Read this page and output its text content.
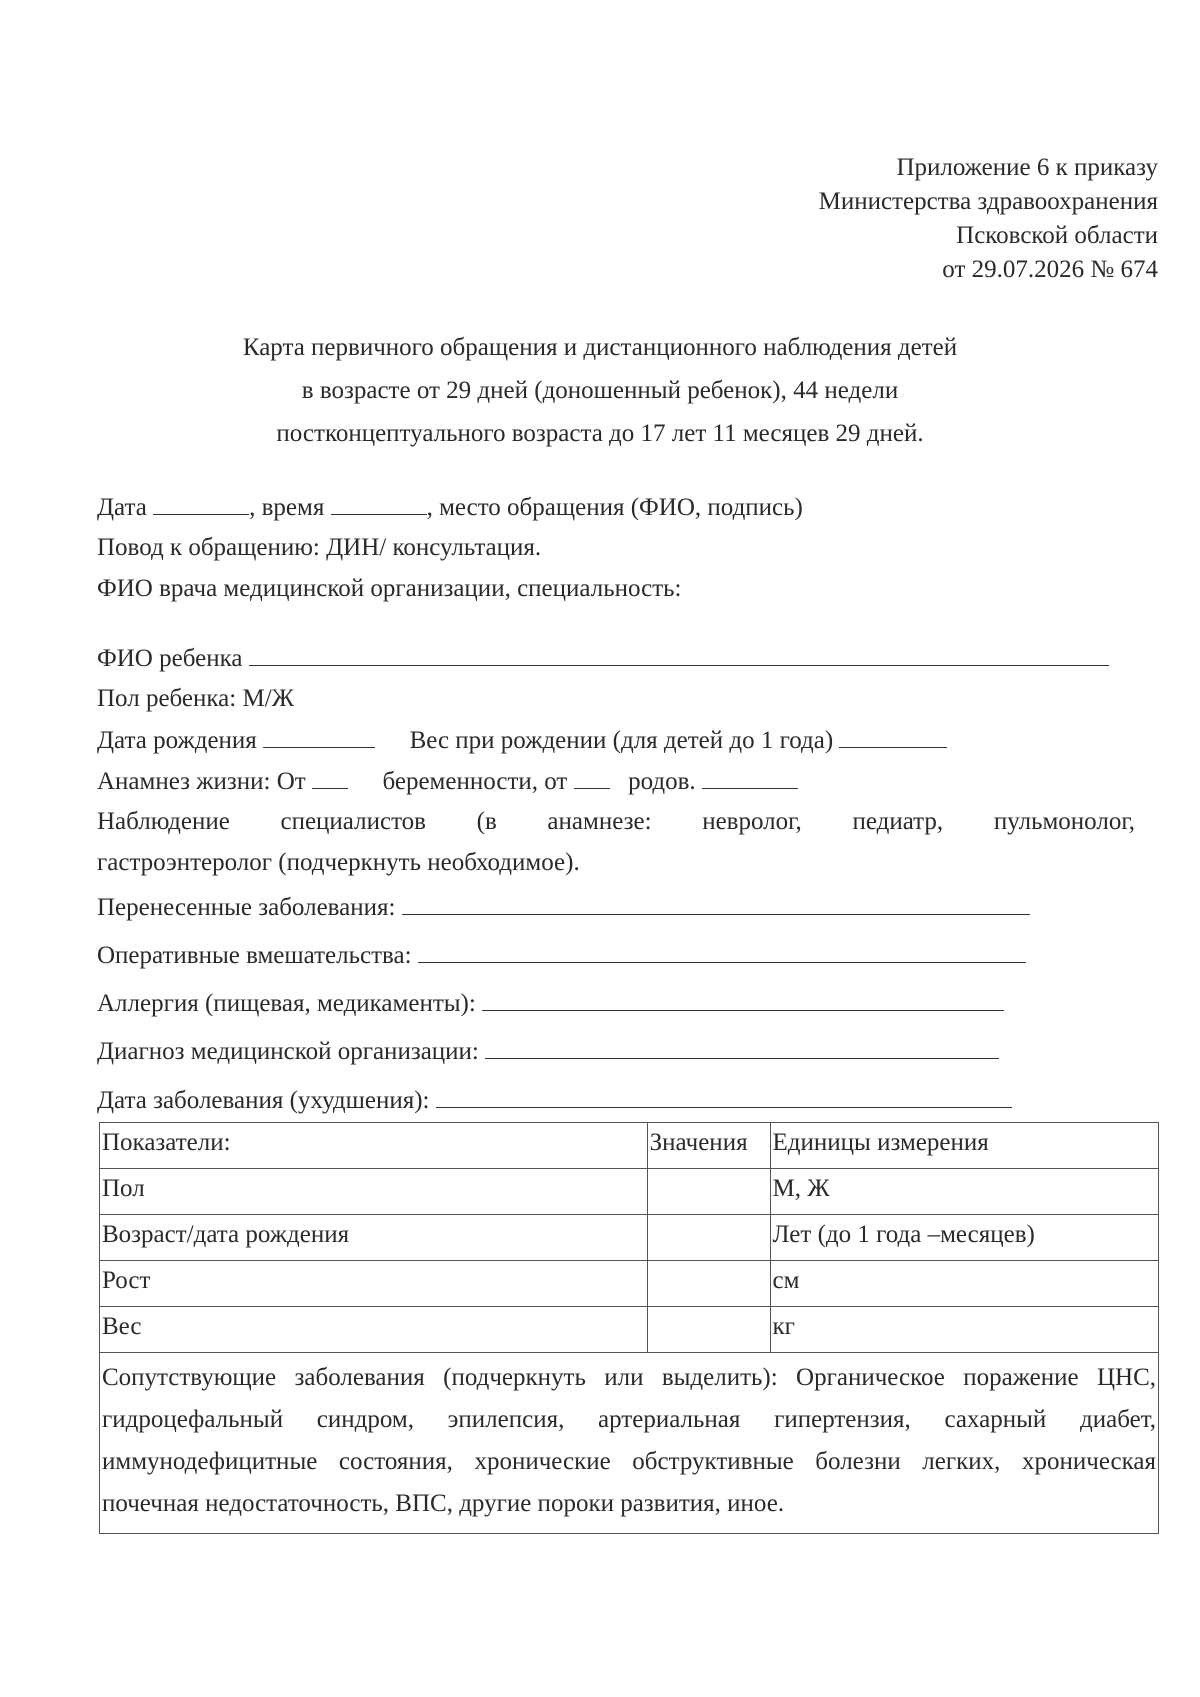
Приложение 6 к приказу
Министерства здравоохранения
Псковской области
от 29.07.2026 № 674
Карта первичного обращения и дистанционного наблюдения детей
в возрасте от 29 дней (доношенный ребенок), 44 недели
постконцептуального возраста до 17 лет 11 месяцев 29 дней.
Дата	, время	, место обращения (ФИО, подпись)
Повод к обращению: ДИН/ консультация.
ФИО врача медицинской организации, специальность:
ФИО ребенка
Пол ребенка: М/Ж
Дата рождения	Вес при рождении (для детей до 1 года)
Анамнез жизни: От	беременности, от родов.
Наблюдение специалистов (в анамнезе: невролог, педиатр, пульмонолог,
гастроэнтеролог (подчеркнуть необходимое).
Перенесенные заболевания:
Оперативные вмешательства:
Аллергия (пищевая, медикаменты):
Диагноз медицинской организации:
Дата заболевания (ухудшения):
Показатели:	Значения	Единицы измерения
Пол		М, Ж
Возраст/дата рождения		Лет (до 1 года –месяцев)
Рост		см
Вес		кг
Сопутствующие заболевания (подчеркнуть или выделить): Органическое поражение ЦНС, гидроцефальный синдром, эпилепсия, артериальная гипертензия, сахарный диабет, иммунодефицитные состояния, хронические обструктивные болезни легких, хроническая почечная недостаточность, ВПС, другие пороки развития, иное.		
